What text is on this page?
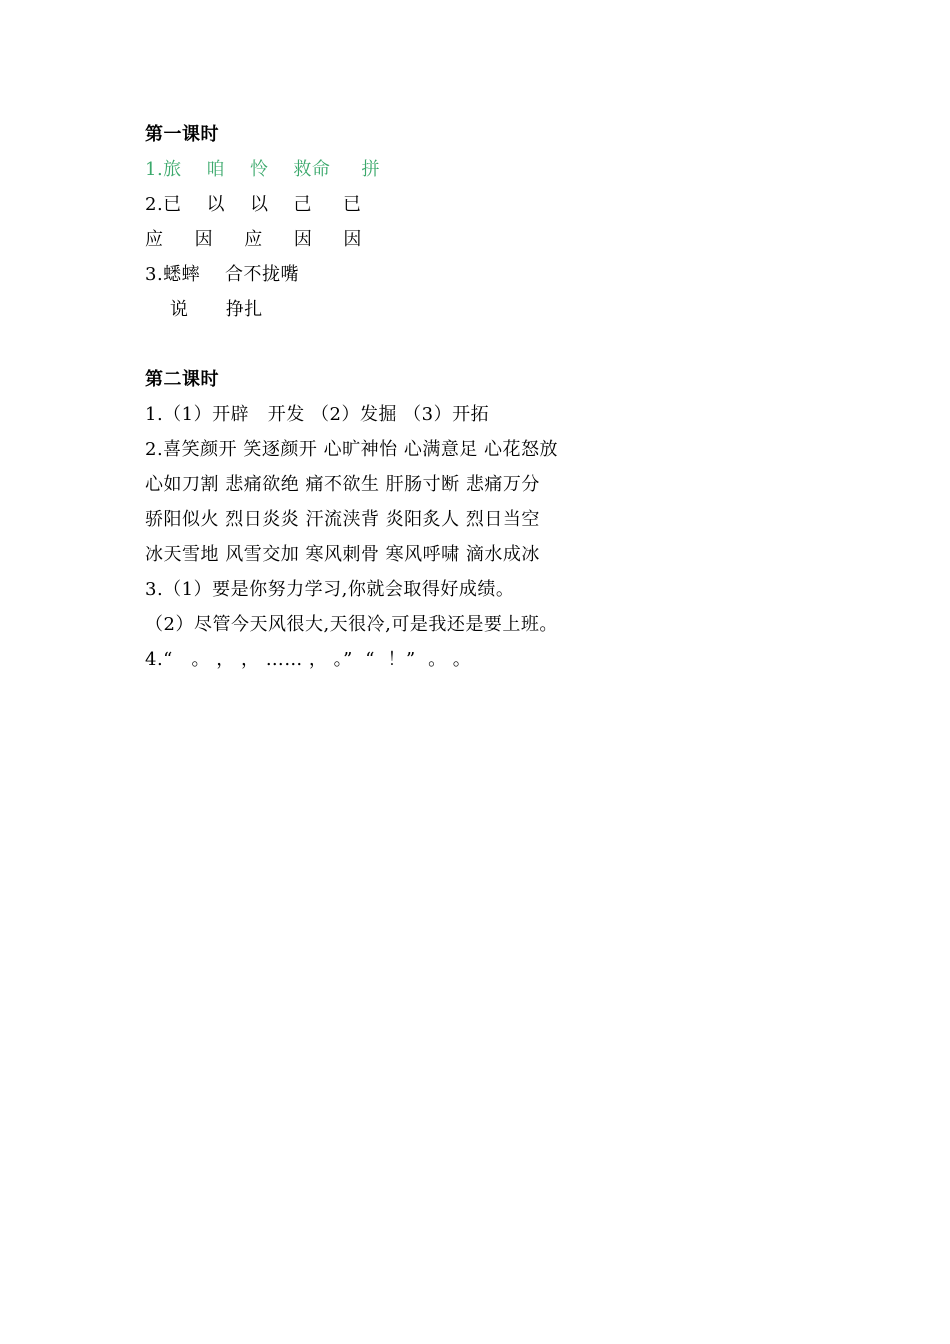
第一课时
1.旅    咱    怜    救命     拼
2.已    以    以    己     已
应     因     应     因     因
3.蟋蟀    合不拢嘴
说      挣扎
第二课时
1.（1）开辟   开发 （2）发掘 （3）开拓
2.喜笑颜开 笑逐颜开 心旷神怡 心满意足 心花怒放
心如刀割 悲痛欲绝 痛不欲生 肝肠寸断 悲痛万分
骄阳似火 烈日炎炎 汗流浃背 炎阳炙人 烈日当空
冰天雪地 风雪交加 寒风刺骨 寒风呼啸 滴水成冰
3.（1）要是你努力学习,你就会取得好成绩。
（2）尽管今天风很大,天很冷,可是我还是要上班。
4.“   。 ， ， …… ， 。”  “  ！”  。 。
